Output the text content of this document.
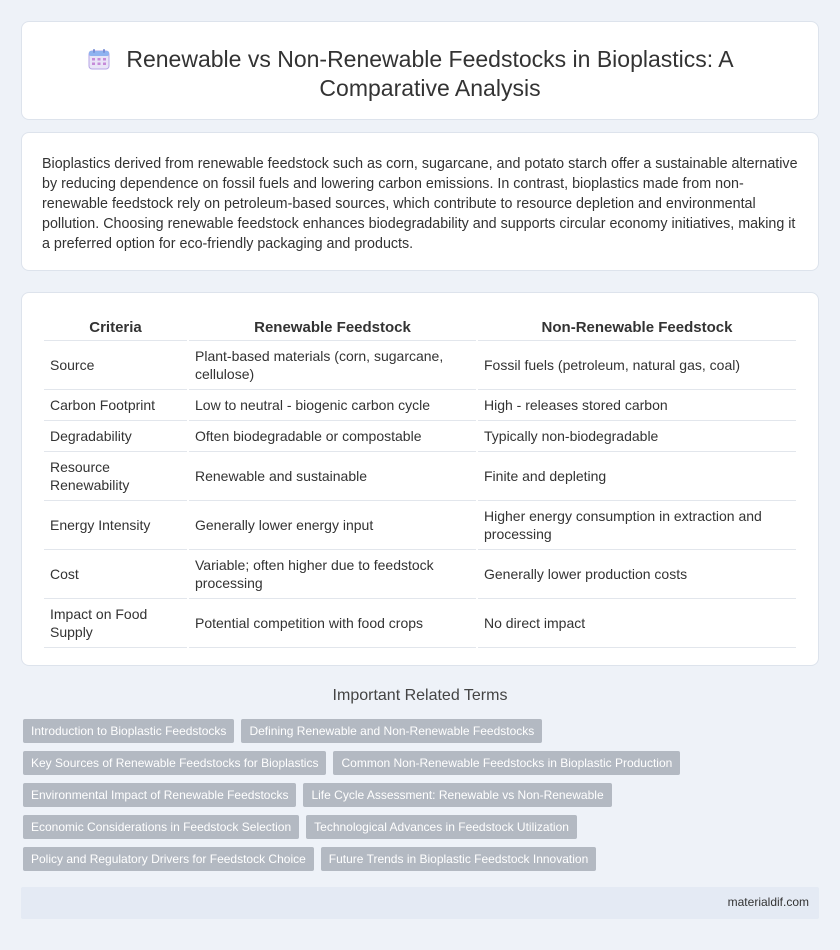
Renewable vs Non-Renewable Feedstocks in Bioplastics: A Comparative Analysis

Bioplastics derived from renewable feedstock such as corn, sugarcane, and potato starch offer a sustainable alternative by reducing dependence on fossil fuels and lowering carbon emissions. In contrast, bioplastics made from non-renewable feedstock rely on petroleum-based sources, which contribute to resource depletion and environmental pollution. Choosing renewable feedstock enhances biodegradability and supports circular economy initiatives, making it a preferred option for eco-friendly packaging and products.

Criteria	Renewable Feedstock	Non-Renewable Feedstock
Source	Plant-based materials (corn, sugarcane, cellulose)	Fossil fuels (petroleum, natural gas, coal)
Carbon Footprint	Low to neutral - biogenic carbon cycle	High - releases stored carbon
Degradability	Often biodegradable or compostable	Typically non-biodegradable
Resource Renewability	Renewable and sustainable	Finite and depleting
Energy Intensity	Generally lower energy input	Higher energy consumption in extraction and processing
Cost	Variable; often higher due to feedstock processing	Generally lower production costs
Impact on Food Supply	Potential competition with food crops	No direct impact
Important Related Terms
Introduction to Bioplastic Feedstocks	Defining Renewable and Non-Renewable Feedstocks
Key Sources of Renewable Feedstocks for Bioplastics	Common Non-Renewable Feedstocks in Bioplastic Production
Environmental Impact of Renewable Feedstocks	Life Cycle Assessment: Renewable vs Non-Renewable
Economic Considerations in Feedstock Selection	Technological Advances in Feedstock Utilization
Policy and Regulatory Drivers for Feedstock Choice	Future Trends in Bioplastic Feedstock Innovation
materialdif.com
